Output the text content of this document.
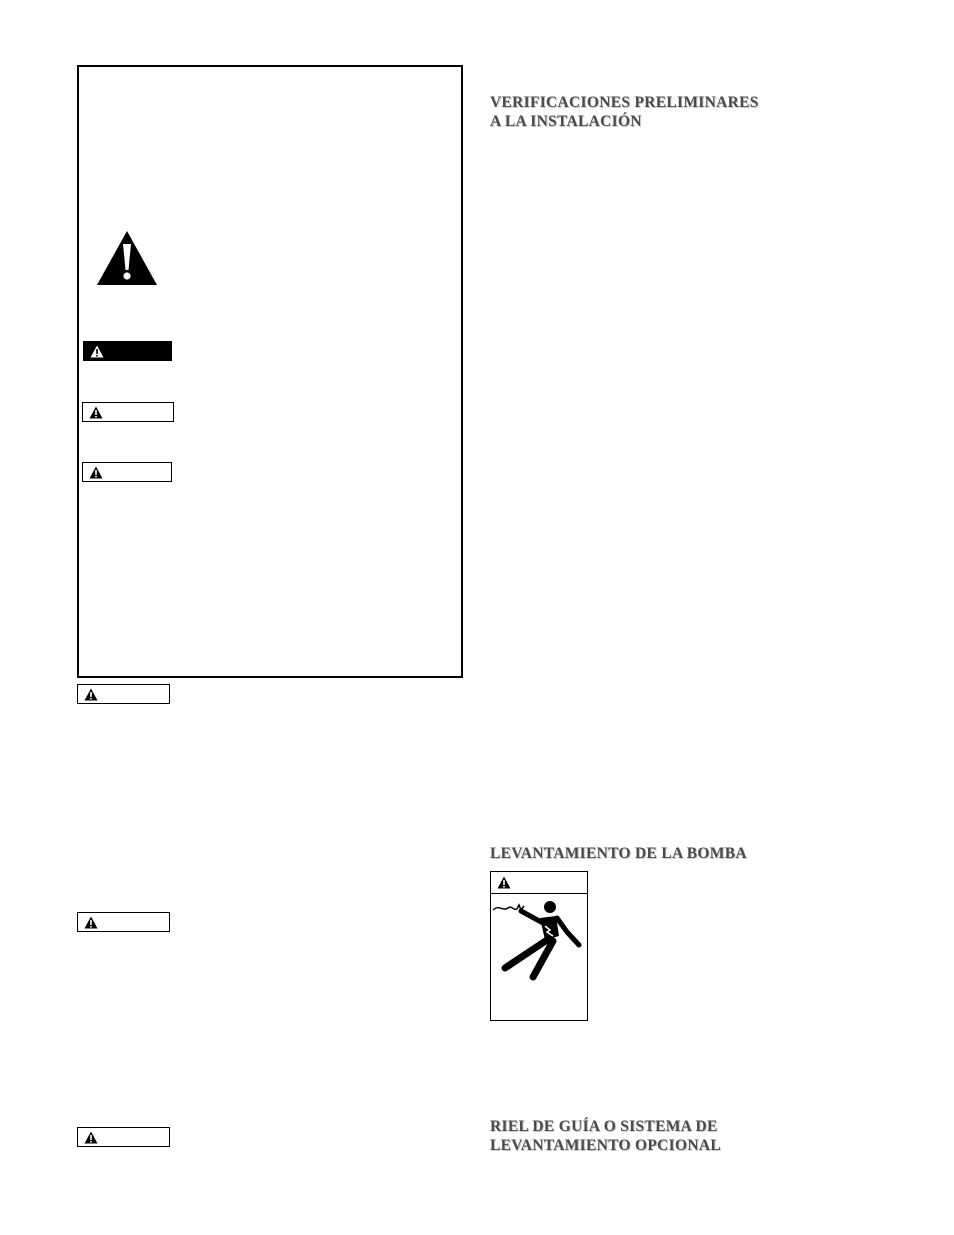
VERIFICACIONES PRELIMINARES
A LA INSTALACIÓN
LEVANTAMIENTO DE LA BOMBA
RIEL DE GUÍA O SISTEMA DE
LEVANTAMIENTO OPCIONAL
